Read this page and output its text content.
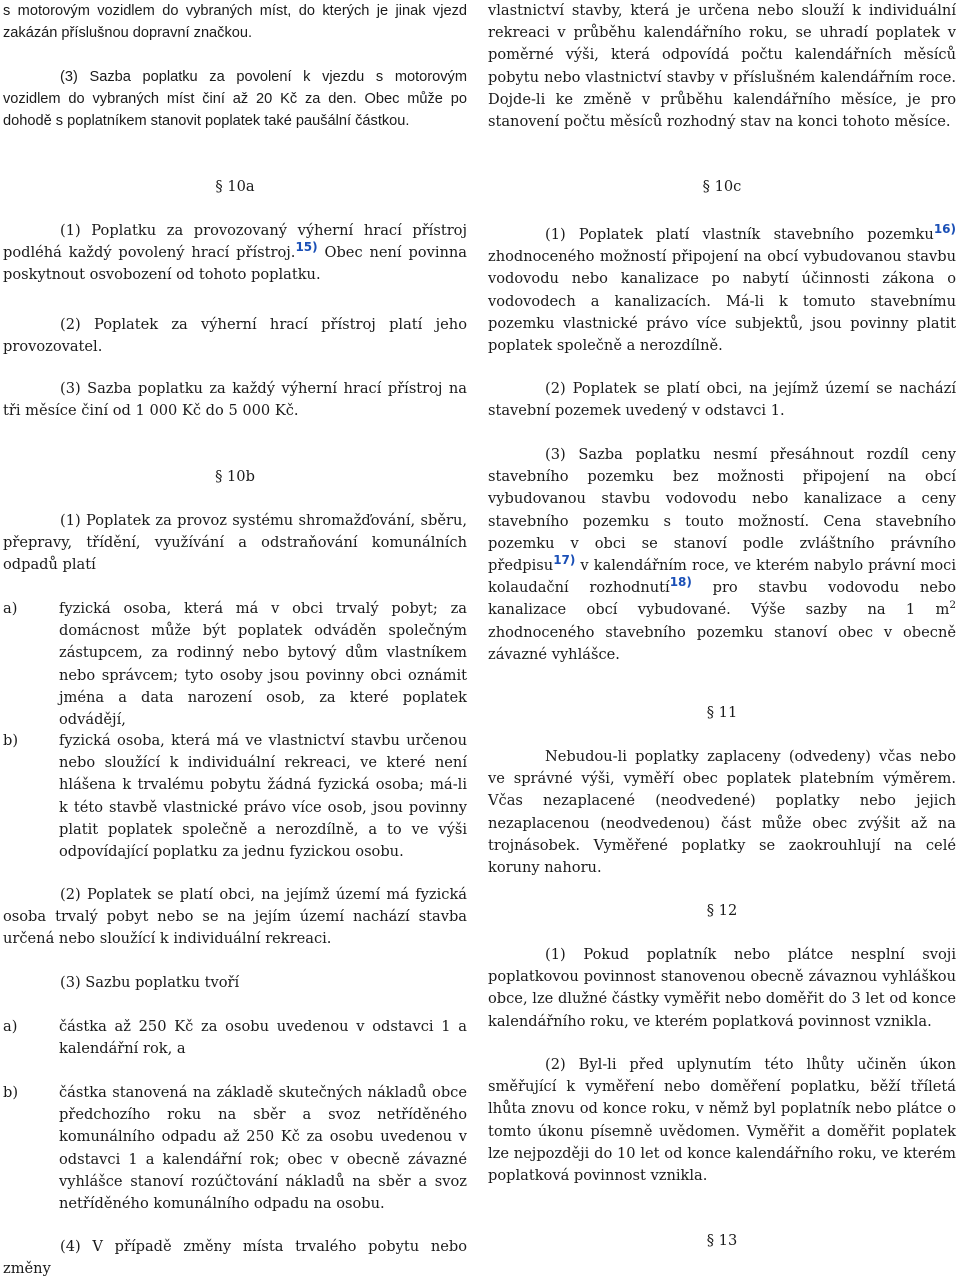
s motorovým vozidlem do vybraných míst, do kterých je jinak vjezd zakázán příslušnou dopravní značkou.

(3) Sazba poplatku za povolení k vjezdu s motorovým vozidlem do vybraných míst činí až 20 Kč za den. Obec může po dohodě s poplatníkem stanovit poplatek také paušální částkou.

§ 10a

(1) Poplatku za provozovaný výherní hrací přístroj podléhá každý povolený hrací přístroj.$^{15)}$ Obec není povinna poskytnout osvobození od tohoto poplatku.

(2) Poplatek za výherní hrací přístroj platí jeho provozovatel.

(3) Sazba poplatku za každý výherní hrací přístroj na tři měsíce činí od 1 000 Kč do 5 000 Kč.

§ 10b

(1) Poplatek za provoz systému shromažďování, sběru, přepravy, třídění, využívání a odstraňování komunálních odpadů platí

a)	fyzická osoba, která má v obci trvalý pobyt; za domácnost může být poplatek odváděn společným zástupcem, za rodinný nebo bytový dům vlastníkem nebo správcem; tyto osoby jsou povinny obci oznámit jména a data narození osob, za které poplatek odvádějí,
b)	fyzická osoba, která má ve vlastnictví stavbu určenou nebo sloužící k individuální rekreaci, ve které není hlášena k trvalému pobytu žádná fyzická osoba; má-li k této stavbě vlastnické právo více osob, jsou povinny platit poplatek společně a nerozdílně, a to ve výši odpovídající poplatku za jednu fyzickou osobu.

(2) Poplatek se platí obci, na jejímž území má fyzická osoba trvalý pobyt nebo se na jejím území nachází stavba určená nebo sloužící k individuální rekreaci.

(3) Sazbu poplatku tvoří

a)	částka až 250 Kč za osobu uvedenou v odstavci 1 a kalendářní rok, a
b)	částka stanovená na základě skutečných nákladů obce předchozího roku na sběr a svoz netříděného komunálního odpadu až 250 Kč za osobu uvedenou v odstavci 1 a kalendářní rok; obec v obecně závazné vyhlášce stanoví rozúčtování nákladů na sběr a svoz netříděného komunálního odpadu na osobu.

(4) V případě změny místa trvalého pobytu nebo změny

vlastnictví stavby, která je určena nebo slouží k individuální rekreaci v průběhu kalendářního roku, se uhradí poplatek v poměrné výši, která odpovídá počtu kalendářních měsíců pobytu nebo vlastnictví stavby v příslušném kalendářním roce. Dojde-li ke změně v průběhu kalendářního měsíce, je pro stanovení počtu měsíců rozhodný stav na konci tohoto měsíce.

§ 10c

(1) Poplatek platí vlastník stavebního pozemku$^{16)}$ zhodnoceného možností připojení na obcí vybudovanou stavbu vodovodu nebo kanalizace po nabytí účinnosti zákona o vodovodech a kanalizacích. Má-li k tomuto stavebnímu pozemku vlastnické právo více subjektů, jsou povinny platit poplatek společně a nerozdílně.

(2) Poplatek se platí obci, na jejímž území se nachází stavební pozemek uvedený v odstavci 1.

(3) Sazba poplatku nesmí přesáhnout rozdíl ceny stavebního pozemku bez možnosti připojení na obcí vybudovanou stavbu vodovodu nebo kanalizace a ceny stavebního pozemku s touto možností. Cena stavebního pozemku v obci se stanoví podle zvláštního právního předpisu$^{17)}$ v kalendářním roce, ve kterém nabylo právní moci kolaudační rozhodnutí$^{18)}$ pro stavbu vodovodu nebo kanalizace obcí vybudované. Výše sazby na 1 $m^2$ zhodnoceného stavebního pozemku stanoví obec v obecně závazné vyhlášce.

§ 11

Nebudou-li poplatky zaplaceny (odvedeny) včas nebo ve správné výši, vyměří obec poplatek platebním výměrem. Včas nezaplacené (neodvedené) poplatky nebo jejich nezaplacenou (neodvedenou) část může obec zvýšit až na trojnásobek. Vyměřené poplatky se zaokrouhlují na celé koruny nahoru.

§ 12

(1) Pokud poplatník nebo plátce nesplní svoji poplatkovou povinnost stanovenou obecně závaznou vyhláškou obce, lze dlužné částky vyměřit nebo doměřit do 3 let od konce kalendářního roku, ve kterém poplatková povinnost vznikla.

(2) Byl-li před uplynutím této lhůty učiněn úkon směřující k vyměření nebo doměření poplatku, běží tříletá lhůta znovu od konce roku, v němž byl poplatník nebo plátce o tomto úkonu písemně uvědomen. Vyměřit a doměřit poplatek lze nejpozději do 10 let od konce kalendářního roku, ve kterém poplatková povinnost vznikla.

§ 13
